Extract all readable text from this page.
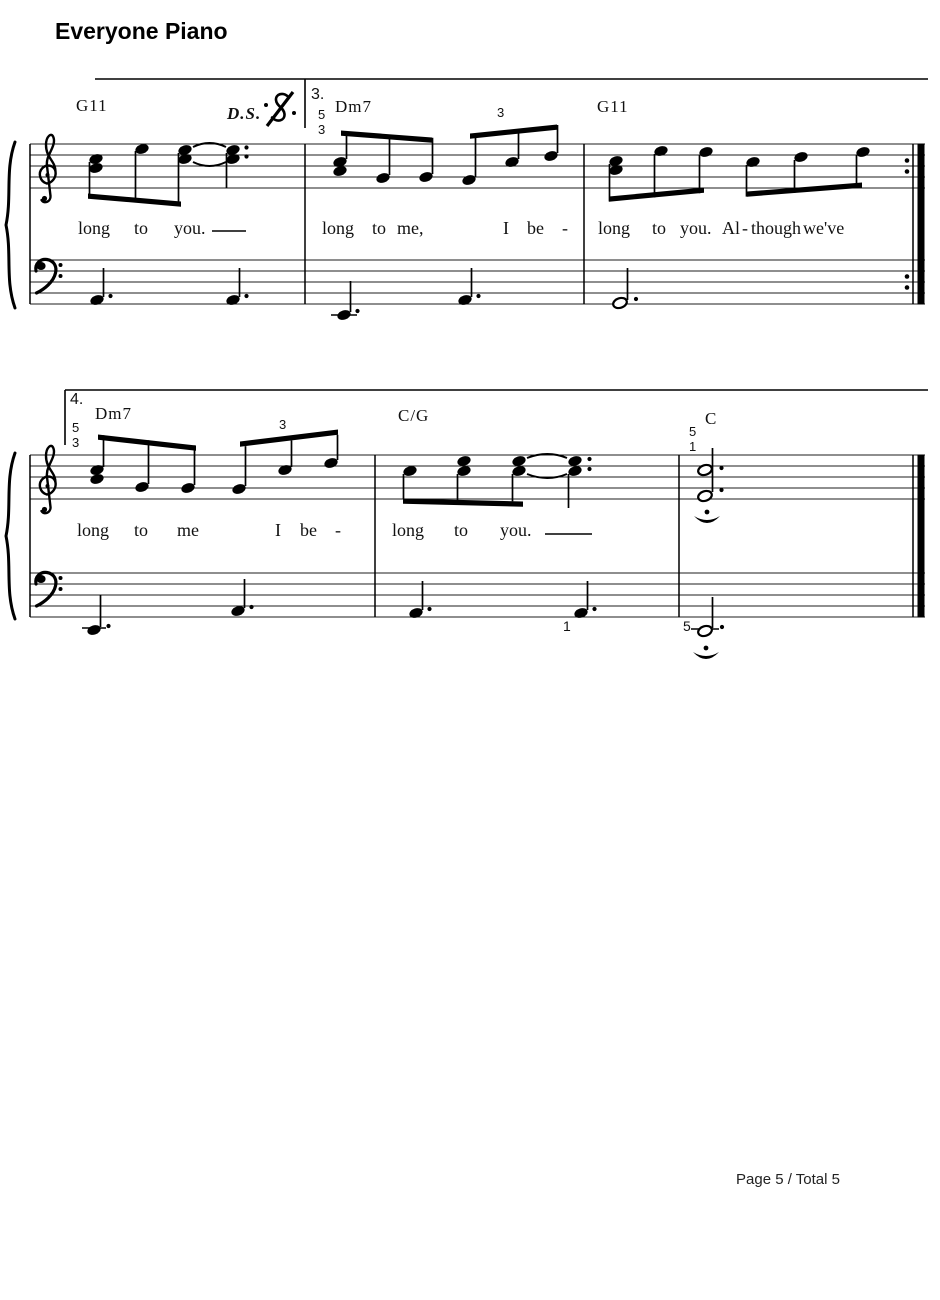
Everyone Piano
G11	D.S.
3.
5
3
Dm7	3	G11
long to you.	long to me,	I be - long to you. Al - though we've
4.
Dm7
5
3
3	C/G	C
5
1
1	5
long to me	I be -	long to you.
Page 5 / Total 5
